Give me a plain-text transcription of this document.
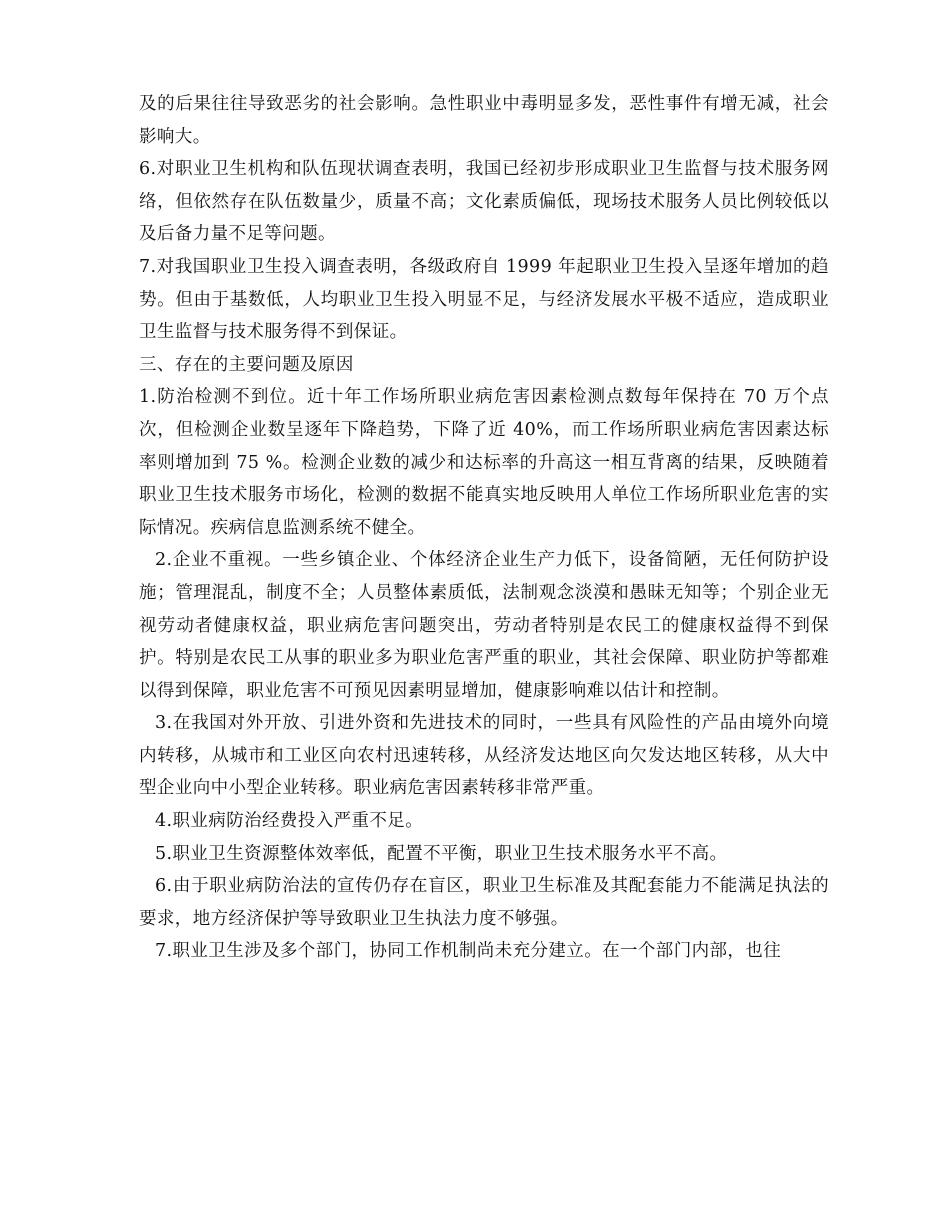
及的后果往往导致恶劣的社会影响。急性职业中毒明显多发，恶性事件有增无减，社会影响大。

6.对职业卫生机构和队伍现状调查表明，我国已经初步形成职业卫生监督与技术服务网络，但依然存在队伍数量少，质量不高；文化素质偏低，现场技术服务人员比例较低以及后备力量不足等问题。

7.对我国职业卫生投入调查表明，各级政府自 1999 年起职业卫生投入呈逐年增加的趋势。但由于基数低，人均职业卫生投入明显不足，与经济发展水平极不适应，造成职业卫生监督与技术服务得不到保证。

三、存在的主要问题及原因

1.防治检测不到位。近十年工作场所职业病危害因素检测点数每年保持在 70 万个点次，但检测企业数呈逐年下降趋势，下降了近 40%，而工作场所职业病危害因素达标率则增加到 75 %。检测企业数的减少和达标率的升高这一相互背离的结果，反映随着职业卫生技术服务市场化，检测的数据不能真实地反映用人单位工作场所职业危害的实际情况。疾病信息监测系统不健全。

2.企业不重视。一些乡镇企业、个体经济企业生产力低下，设备简陋，无任何防护设施；管理混乱，制度不全；人员整体素质低，法制观念淡漠和愚昧无知等；个别企业无视劳动者健康权益，职业病危害问题突出，劳动者特别是农民工的健康权益得不到保护。特别是农民工从事的职业多为职业危害严重的职业，其社会保障、职业防护等都难以得到保障，职业危害不可预见因素明显增加，健康影响难以估计和控制。

3.在我国对外开放、引进外资和先进技术的同时，一些具有风险性的产品由境外向境内转移，从城市和工业区向农村迅速转移，从经济发达地区向欠发达地区转移，从大中型企业向中小型企业转移。职业病危害因素转移非常严重。

4.职业病防治经费投入严重不足。

5.职业卫生资源整体效率低，配置不平衡，职业卫生技术服务水平不高。

6.由于职业病防治法的宣传仍存在盲区，职业卫生标准及其配套能力不能满足执法的要求，地方经济保护等导致职业卫生执法力度不够强。

7.职业卫生涉及多个部门，协同工作机制尚未充分建立。在一个部门内部，也往
